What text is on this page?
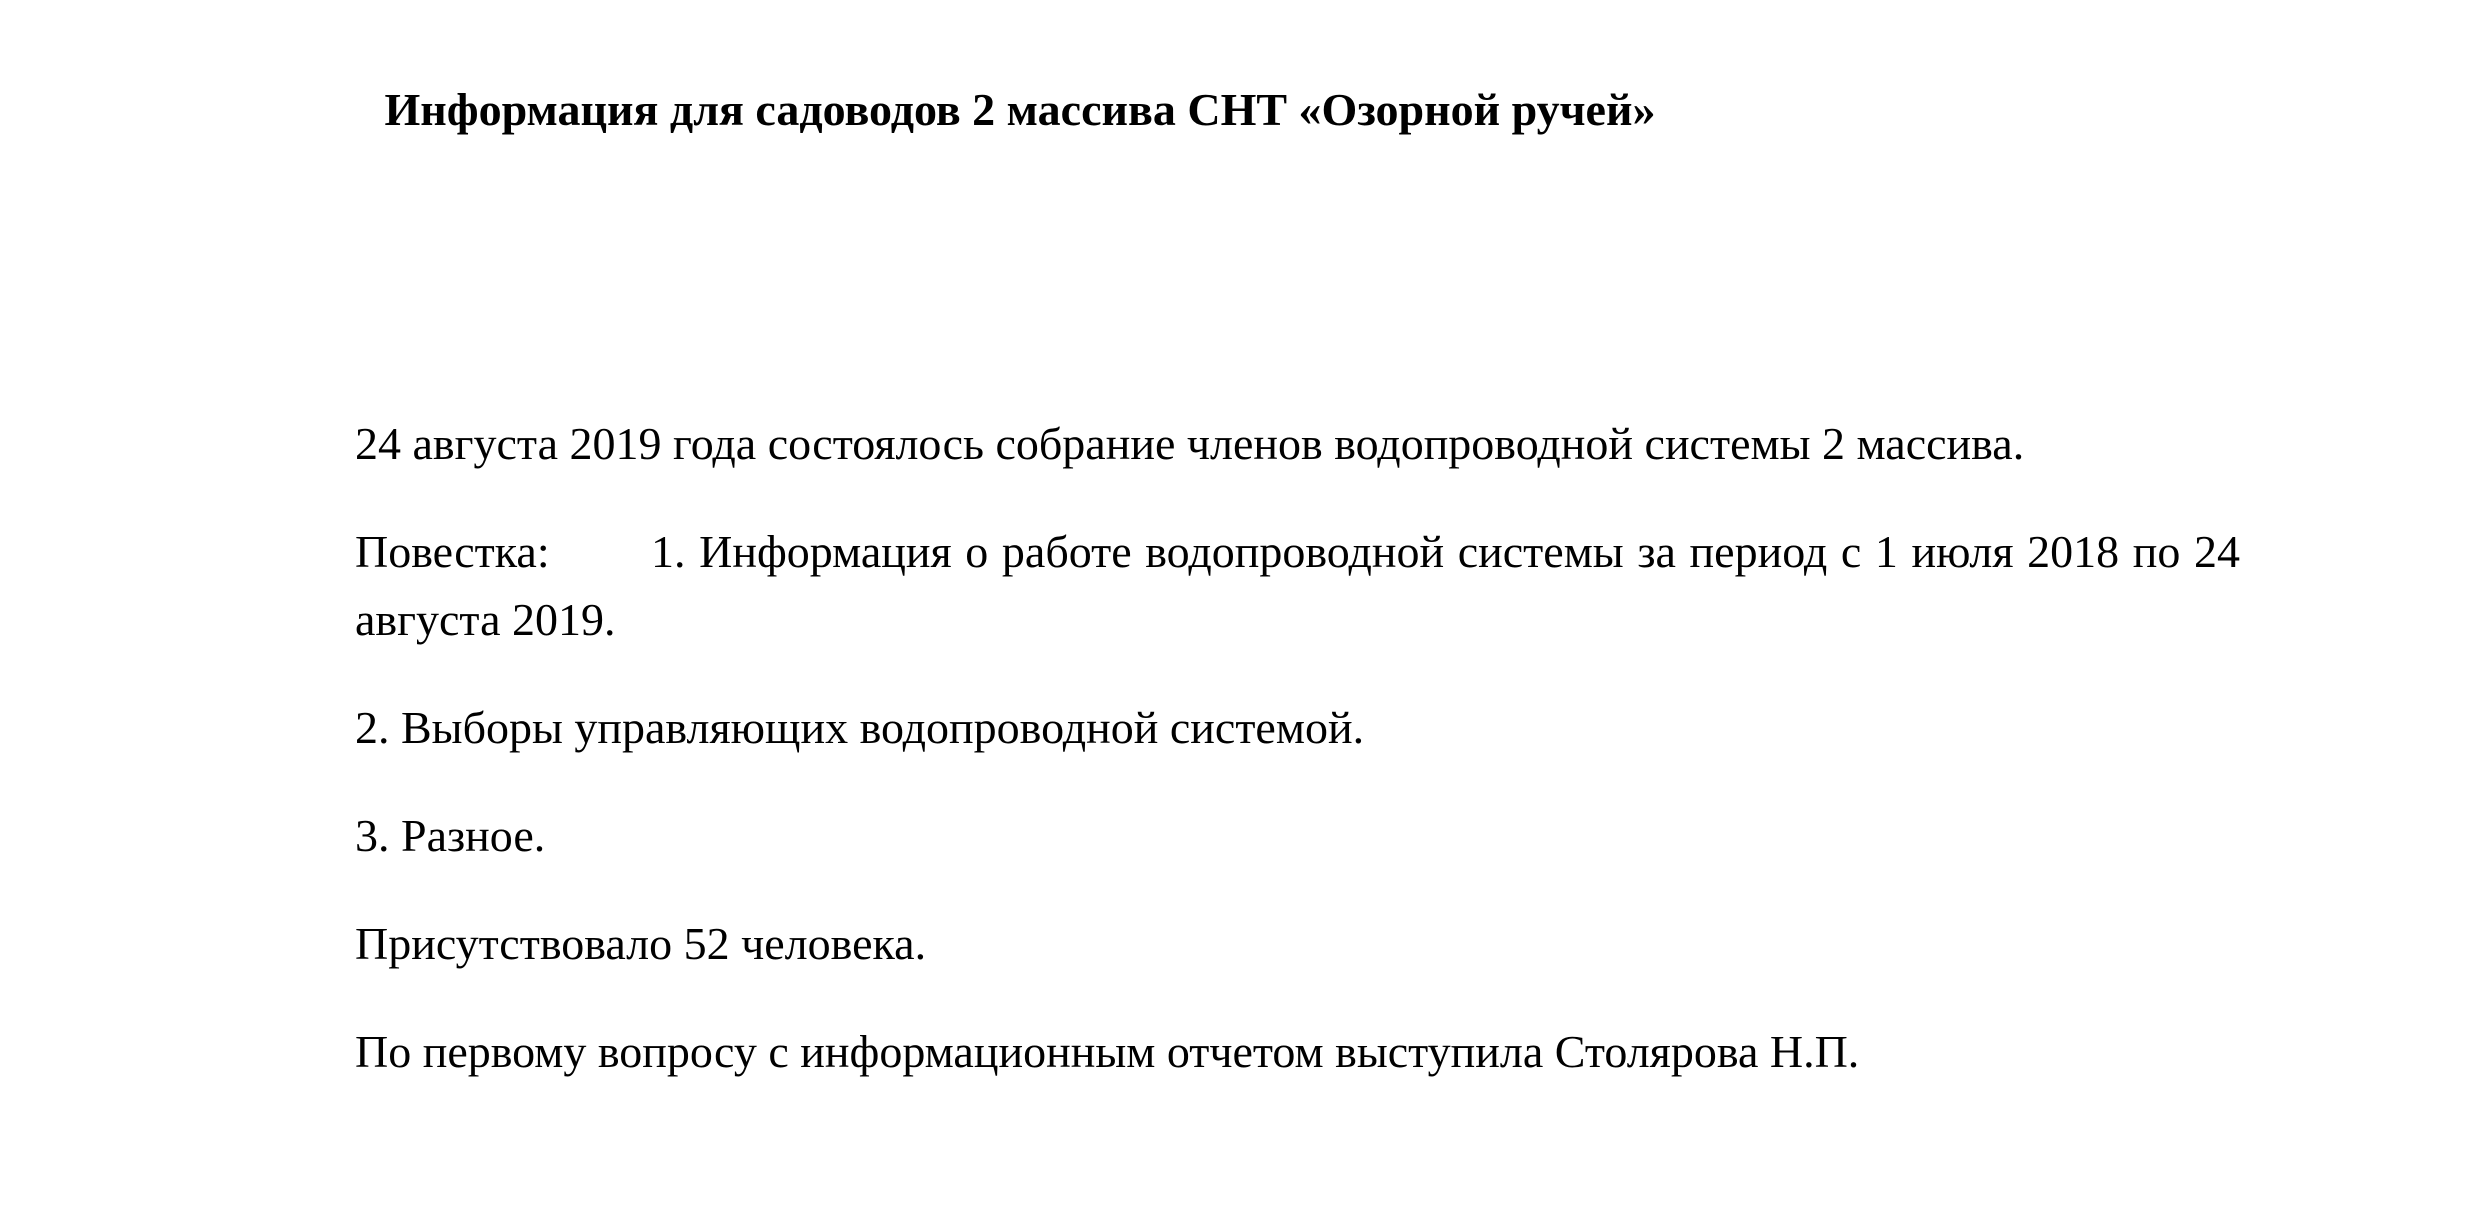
Информация для садоводов 2 массива СНТ «Озорной ручей»

24 августа 2019 года состоялось собрание членов водопроводной системы 2 массива.

Повестка: 1. Информация о работе водопроводной системы за период с 1 июля 2018 по 24 августа 2019.

2. Выборы управляющих водопроводной системой.

3. Разное.

Присутствовало 52 человека.

По первому вопросу с информационным отчетом выступила Столярова Н.П.
